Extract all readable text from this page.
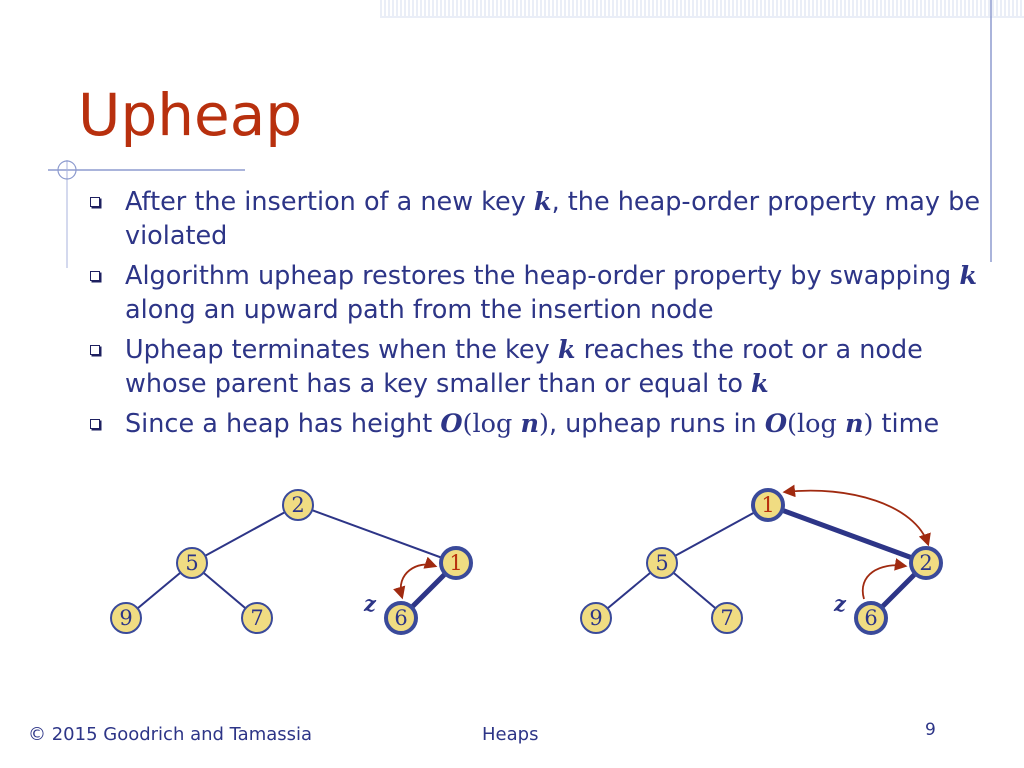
Upheap
After the insertion of a new key k, the heap-order property may be violated
Algorithm upheap restores the heap-order property by swapping k along an upward path from the insertion node
Upheap terminates when the key k reaches the root or a node whose parent has a key smaller than or equal to k
Since a heap has height O(log n), upheap runs in O(log n) time
2
5	1
9	7	6
z
1
5	2
9	7	6
z
© 2015 Goodrich and Tamassia	Heaps	9
